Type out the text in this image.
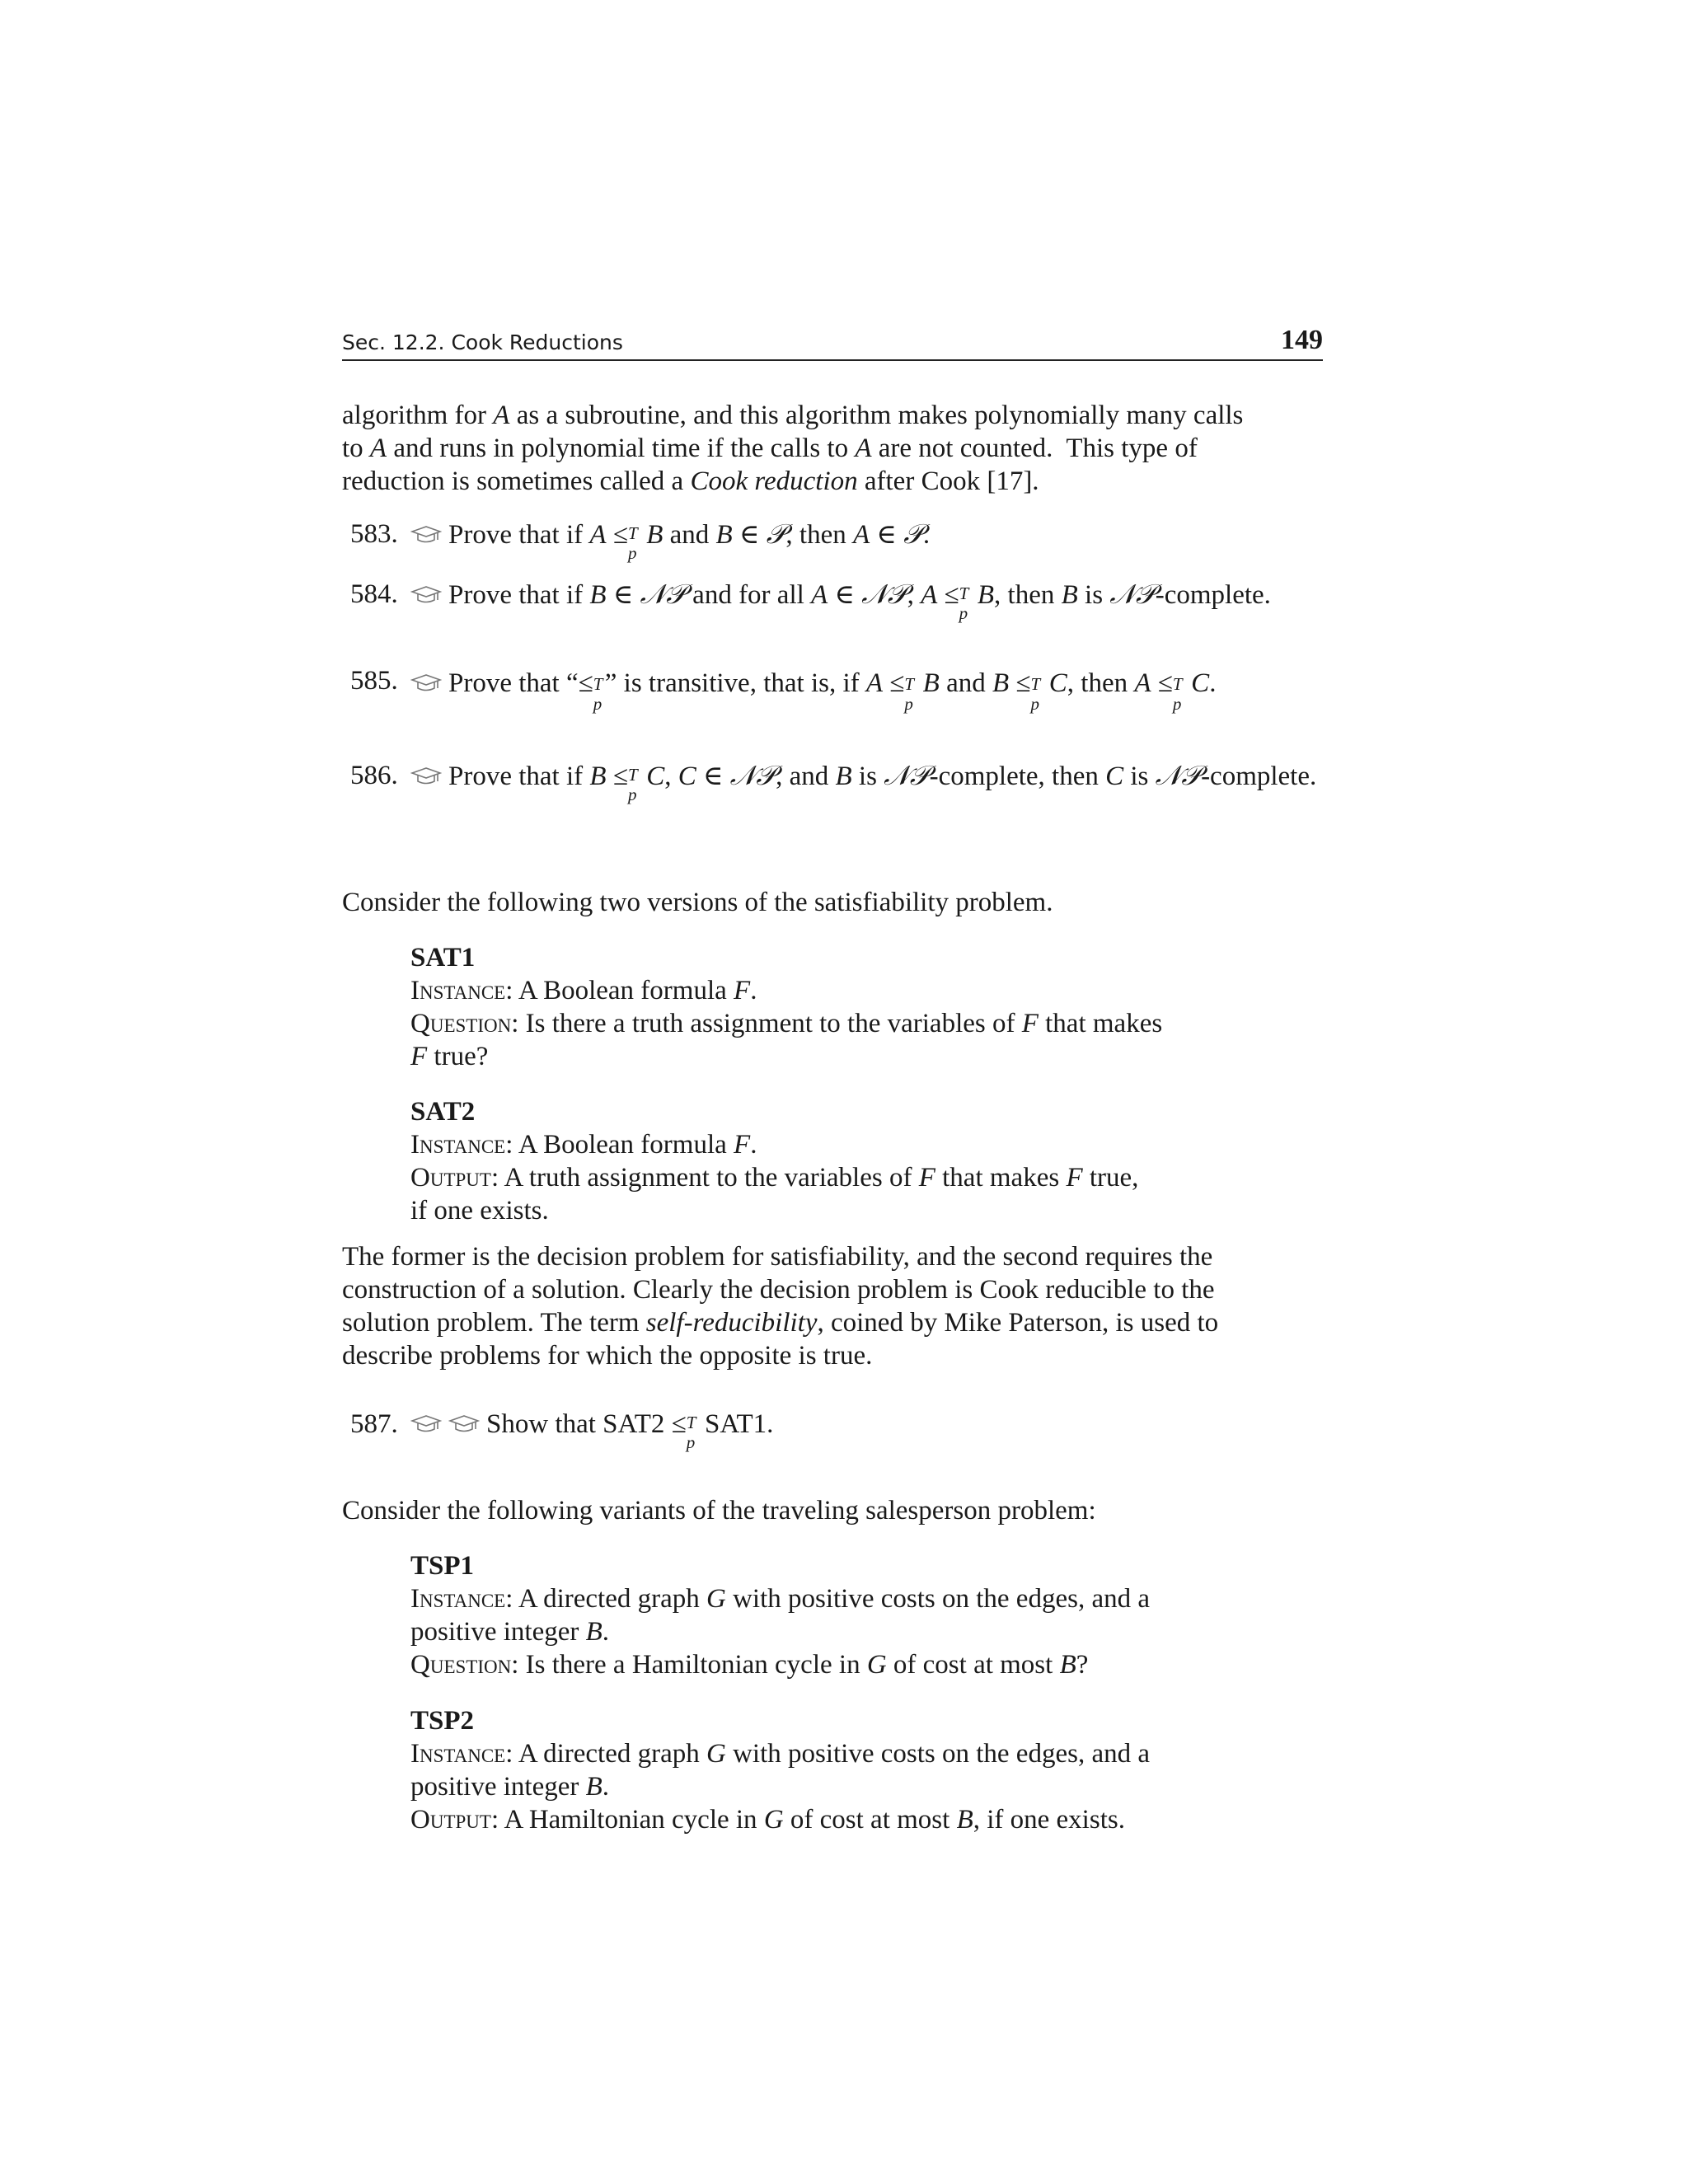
Sec. 12.2. Cook Reductions	149

algorithm for A as a subroutine, and this algorithm makes polynomially many calls

to A and runs in polynomial time if the calls to A are not counted.  This type of

reduction is sometimes called a Cook reduction after Cook [17].

583.	Prove that if A ≤ T
p
B and B ∈ 𝒫, then A ∈ 𝒫.
584.	Prove that if B ∈ 𝒩𝒫 and for all A ∈ 𝒩𝒫, A ≤ T
p
B, then B is 𝒩𝒫-complete.
585.	Prove that “≤ T
p
” is transitive, that is, if A ≤ T
p
B and B ≤ T
p
C, then A ≤ T
p
C.
586.	Prove that if B ≤ T
p
C, C ∈ 𝒩𝒫, and B is 𝒩𝒫-complete, then C is 𝒩𝒫-complete.

Consider the following two versions of the satisfiability problem.

SAT1
Instance: A Boolean formula F.
Question: Is there a truth assignment to the variables of F that makes
F true?
SAT2
Instance: A Boolean formula F.
Output: A truth assignment to the variables of F that makes F true,
if one exists.

The former is the decision problem for satisfiability, and the second requires the

construction of a solution. Clearly the decision problem is Cook reducible to the

solution problem. The term self-reducibility, coined by Mike Paterson, is used to

describe problems for which the opposite is true.

587.	Show that SAT2 ≤ T
p
SAT1.

Consider the following variants of the traveling salesperson problem:

TSP1
Instance: A directed graph G with positive costs on the edges, and a
positive integer B.
Question: Is there a Hamiltonian cycle in G of cost at most B?
TSP2
Instance: A directed graph G with positive costs on the edges, and a
positive integer B.
Output: A Hamiltonian cycle in G of cost at most B, if one exists.
